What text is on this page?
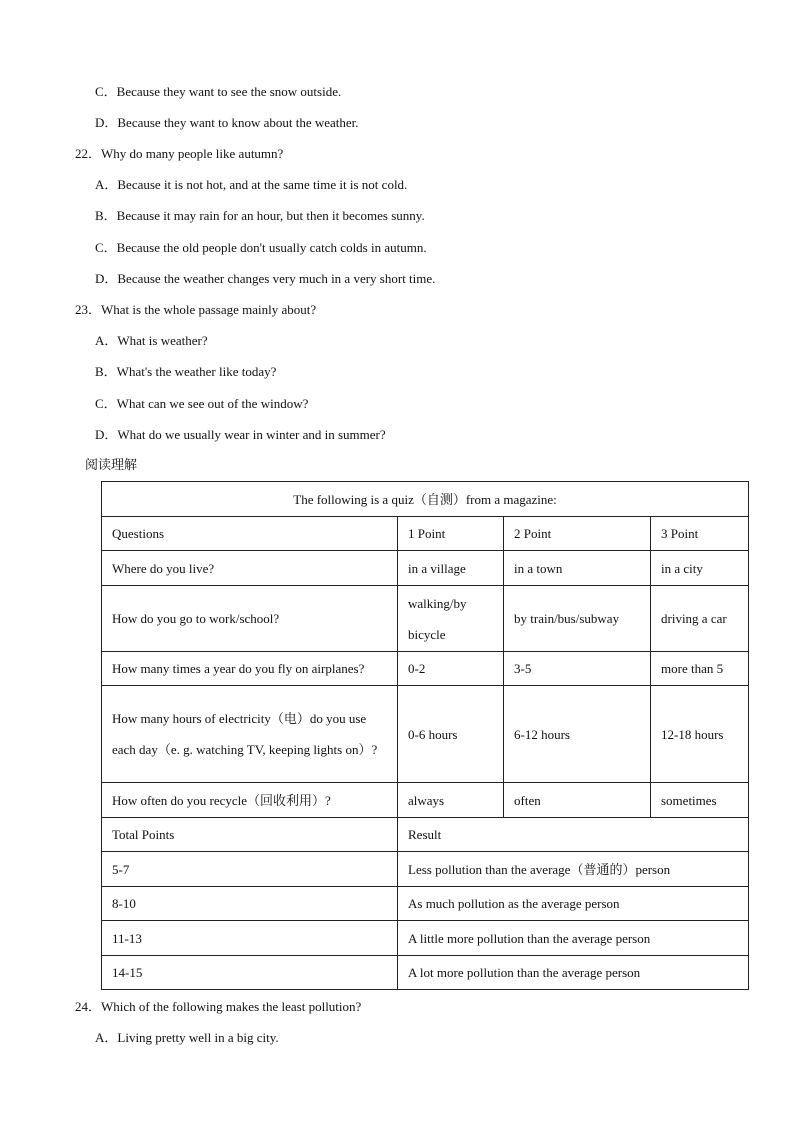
C．Because they want to see the snow outside.
D．Because they want to know about the weather.
22．Why do many people like autumn?
A．Because it is not hot, and at the same time it is not cold.
B．Because it may rain for an hour, but then it becomes sunny.
C．Because the old people don't usually catch colds in autumn.
D．Because the weather changes very much in a very short time.
23．What is the whole passage mainly about?
A．What is weather?
B．What's the weather like today?
C．What can we see out of the window?
D．What do we usually wear in winter and in summer?
阅读理解
The following is a quiz（自测）from a magazine:			
Questions	1 Point	2 Point	3 Point
Where do you live?	in a village	in a town	in a city
How do you go to work/school?	walking/by bicycle	by train/bus/subway	driving a car
How many times a year do you fly on airplanes?	0-2	3-5	more than 5
How many hours of electricity（电）do you use each day（e. g. watching TV, keeping lights on）?	0-6 hours	6-12 hours	12-18 hours
How often do you recycle（回收利用）?	always	often	sometimes
Total Points	Result		
5-7	Less pollution than the average（普通的）person		
8-10	As much pollution as the average person		
11-13	A little more pollution than the average person		
14-15	A lot more pollution than the average person		
24．Which of the following makes the least pollution?
A．Living pretty well in a big city.
